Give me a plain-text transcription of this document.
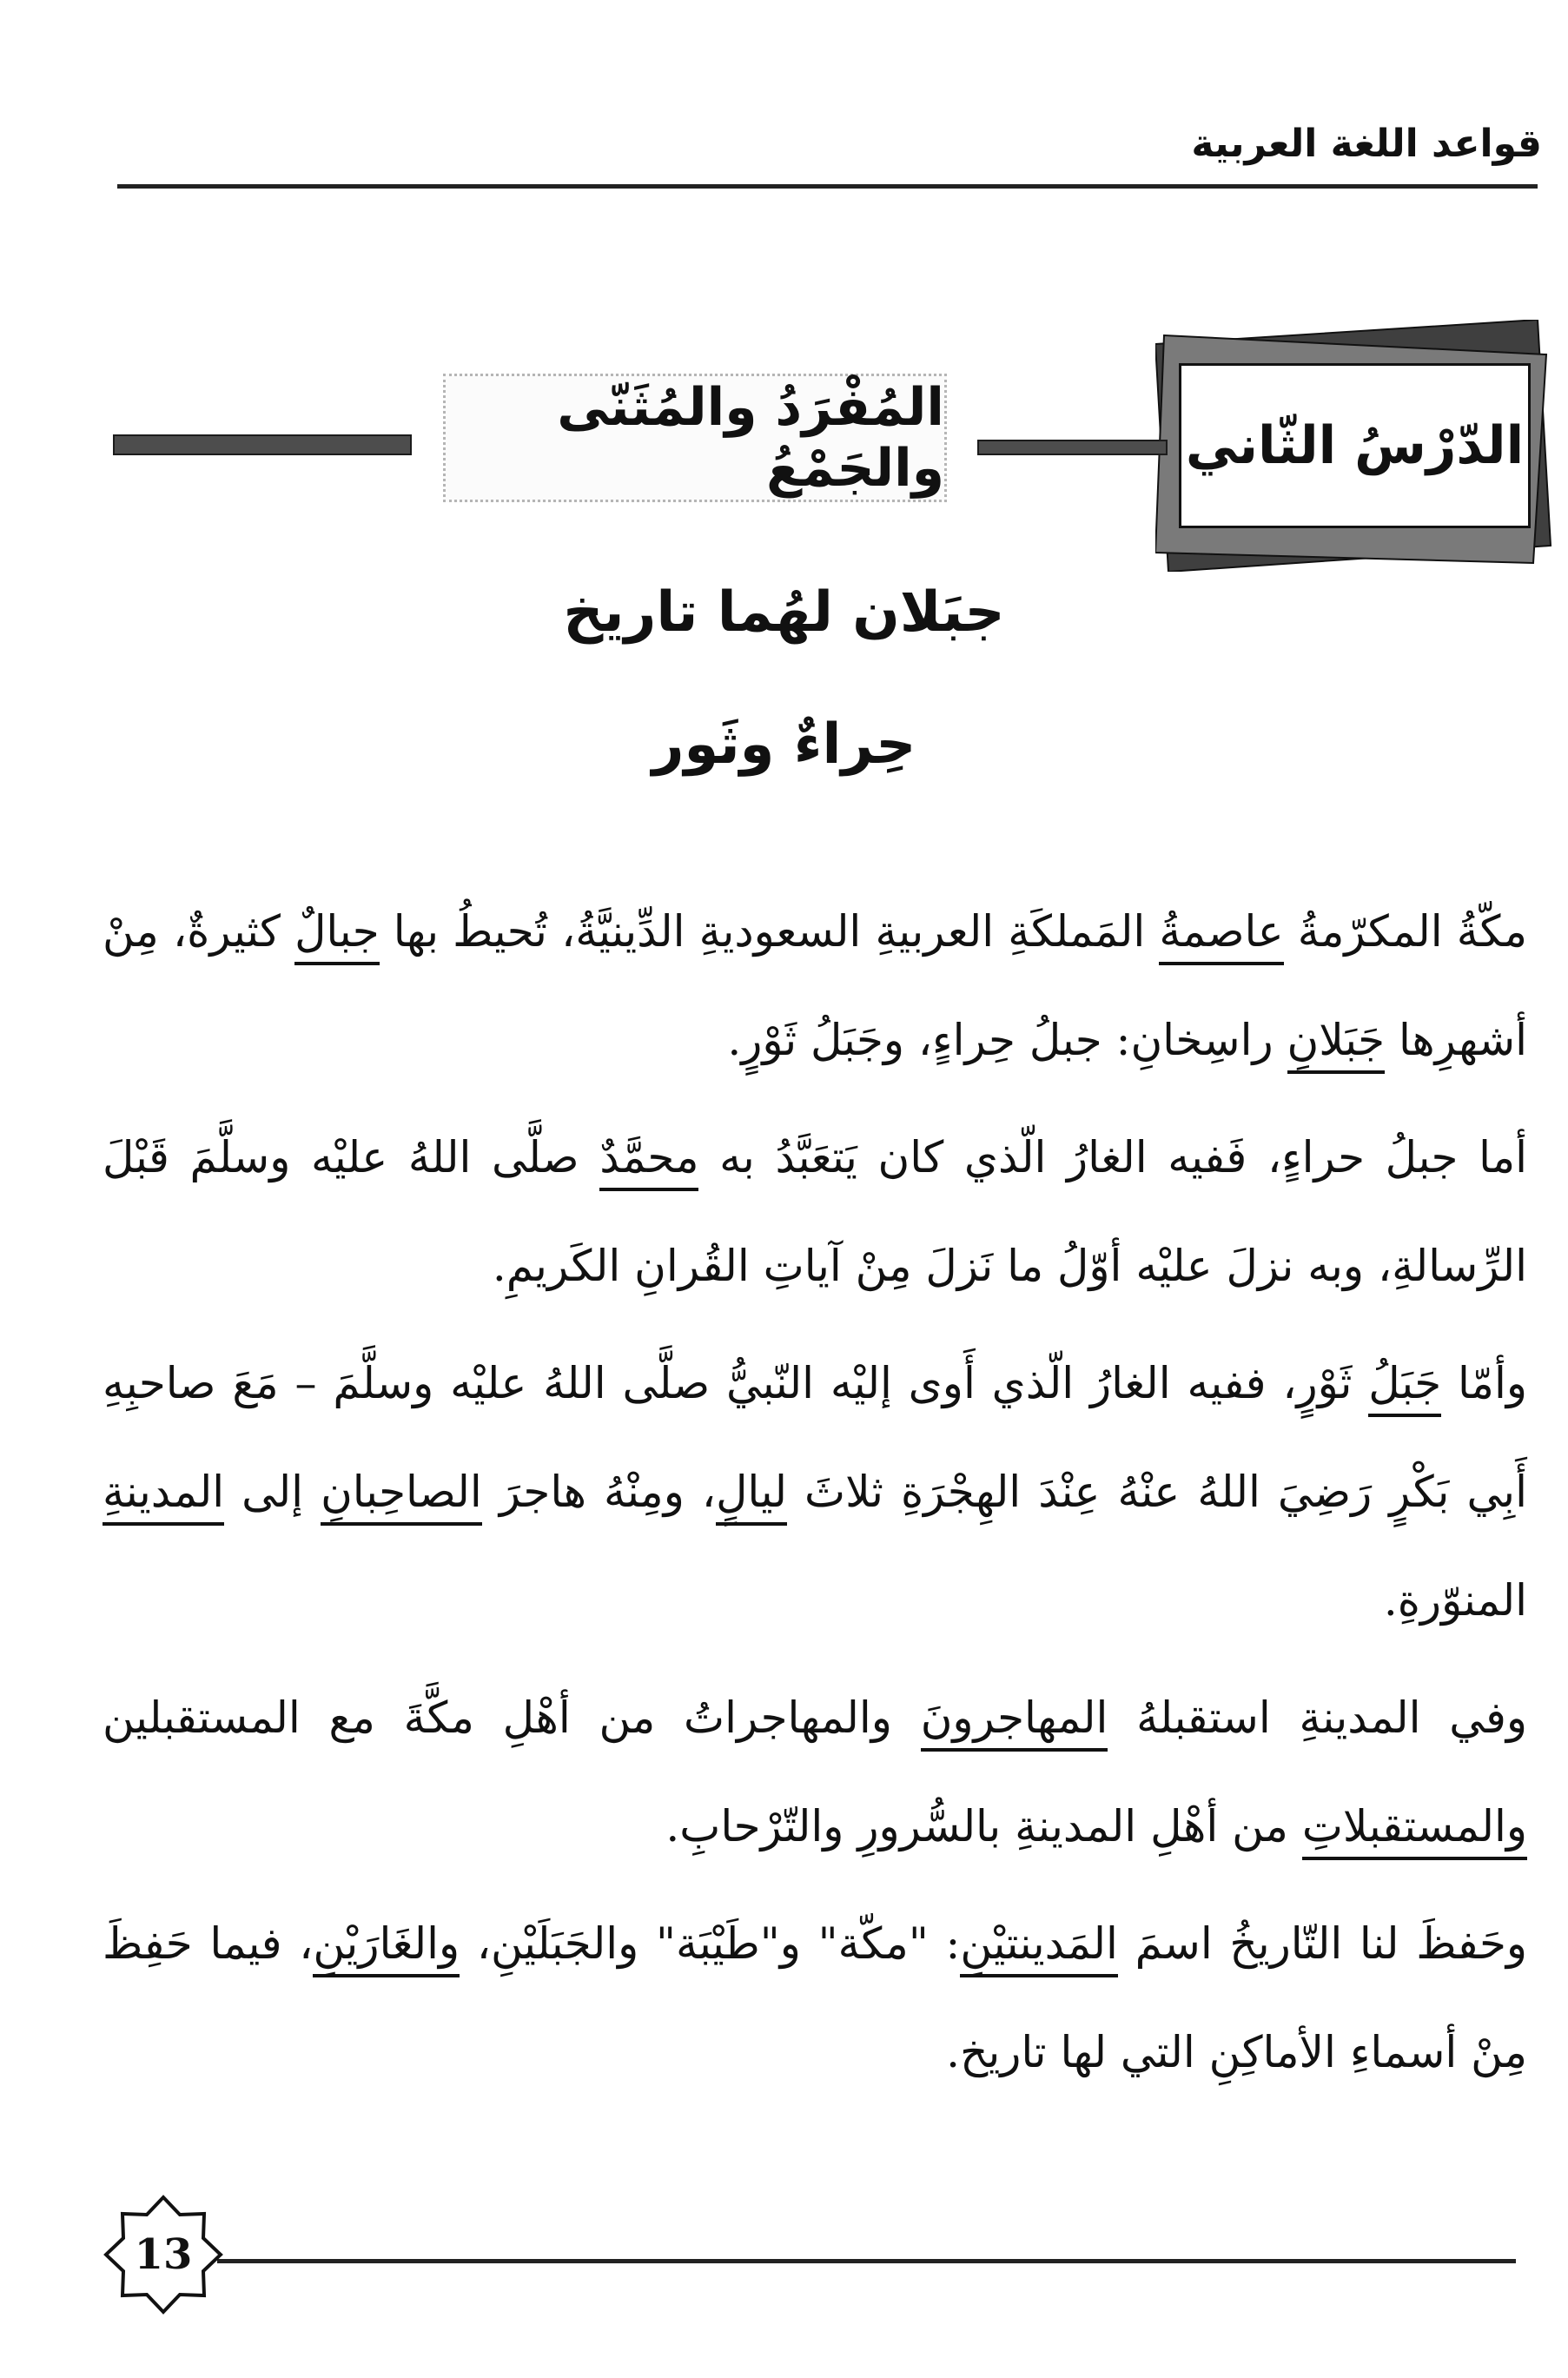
قواعد اللغة العربية
الدّرْسُ الثّاني
المُفْرَدُ والمُثَنّى والجَمْعُ
جبَلان لهُما تاريخ
حِراءٌ وثَور

مكّةُ المكرّمةُ عاصمةُ المَملكَةِ العربيةِ السعوديةِ الدِّينيَّةُ، تُحيطُ بها جبالٌ كثيرةٌ، مِنْ أشهرِها جَبَلانِ راسِخانِ: جبلُ حِراءٍ، وجَبَلُ ثَوْرٍ.

أما جبلُ حراءٍ، فَفيه الغارُ الّذي كان يَتعَبَّدُ به محمَّدٌ صلَّى اللهُ عليْه وسلَّمَ قَبْلَ الرِّسالةِ، وبه نزلَ عليْه أوّلُ ما نَزلَ مِنْ آياتِ القُرانِ الكَريمِ.

وأمّا جَبَلُ ثَوْرٍ، ففيه الغارُ الّذي أَوى إليْه النّبيُّ صلَّى اللهُ عليْه وسلَّمَ – مَعَ صاحبِهِ أَبِي بَكْرٍ رَضِيَ اللهُ عنْهُ عِنْدَ الهِجْرَةِ ثلاثَ ليالٍ، ومِنْهُ هاجرَ الصاحِبانِ إلى المدينةِ المنوّرةِ.

وفي المدينةِ استقبلهُ المهاجرونَ والمهاجراتُ من أهْلِ مكَّةَ مع المستقبلين والمستقبلاتِ من أهْلِ المدينةِ بالسُّرورِ والتّرْحابِ.

وحَفظَ لنا التّاريخُ اسمَ المَدينتيْنِ: "مكّة" و"طَيْبَة" والجَبَلَيْنِ، والغَارَيْنِ، فيما حَفِظَ مِنْ أسماءِ الأماكِنِ التي لها تاريخ.

13
